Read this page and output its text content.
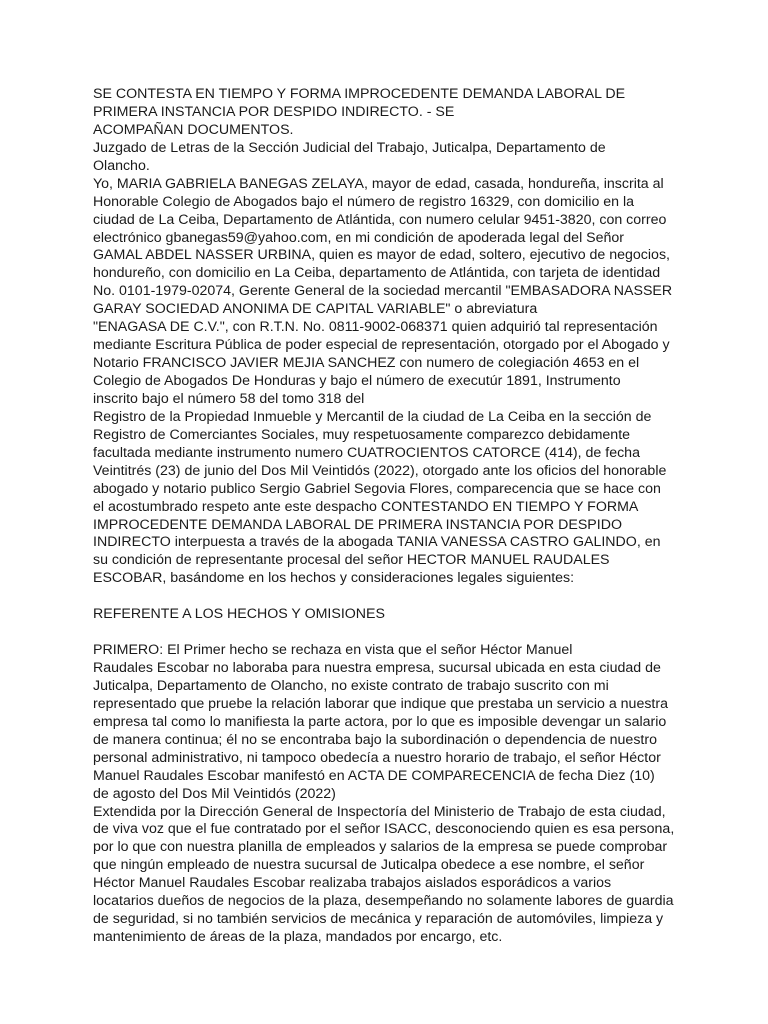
SE CONTESTA EN TIEMPO Y FORMA IMPROCEDENTE DEMANDA LABORAL DE
PRIMERA INSTANCIA POR DESPIDO INDIRECTO. - SE
ACOMPAÑAN DOCUMENTOS.
Juzgado de Letras de la Sección Judicial del Trabajo, Juticalpa, Departamento de
Olancho.
Yo, MARIA GABRIELA BANEGAS ZELAYA, mayor de edad, casada, hondureña, inscrita al
Honorable Colegio de Abogados bajo el número de registro 16329, con domicilio en la
ciudad de La Ceiba, Departamento de Atlántida, con numero celular 9451-3820, con correo
electrónico gbanegas59@yahoo.com, en mi condición de apoderada legal del Señor
GAMAL ABDEL NASSER URBINA, quien es mayor de edad, soltero, ejecutivo de negocios,
hondureño, con domicilio en La Ceiba, departamento de Atlántida, con tarjeta de identidad
No. 0101-1979-02074, Gerente General de la sociedad mercantil "EMBASADORA NASSER
GARAY SOCIEDAD ANONIMA DE CAPITAL VARIABLE" o abreviatura
"ENAGASA DE C.V.", con R.T.N. No. 0811-9002-068371 quien adquirió tal representación
mediante Escritura Pública de poder especial de representación, otorgado por el Abogado y
Notario FRANCISCO JAVIER MEJIA SANCHEZ con numero de colegiación 4653 en el
Colegio de Abogados De Honduras y bajo el número de executúr 1891, Instrumento
inscrito bajo el número 58 del tomo 318 del
Registro de la Propiedad Inmueble y Mercantil de la ciudad de La Ceiba en la sección de
Registro de Comerciantes Sociales, muy respetuosamente comparezco debidamente
facultada mediante instrumento numero CUATROCIENTOS CATORCE (414), de fecha
Veintitrés (23) de junio del Dos Mil Veintidós (2022), otorgado ante los oficios del honorable
abogado y notario publico Sergio Gabriel Segovia Flores, comparecencia que se hace con
el acostumbrado respeto ante este despacho CONTESTANDO EN TIEMPO Y FORMA
IMPROCEDENTE DEMANDA LABORAL DE PRIMERA INSTANCIA POR DESPIDO
INDIRECTO interpuesta a través de la abogada TANIA VANESSA CASTRO GALINDO, en
su condición de representante procesal del señor HECTOR MANUEL RAUDALES
ESCOBAR, basándome en los hechos y consideraciones legales siguientes:
REFERENTE A LOS HECHOS Y OMISIONES
PRIMERO: El Primer hecho se rechaza en vista que el señor Héctor Manuel
Raudales Escobar no laboraba para nuestra empresa, sucursal ubicada en esta ciudad de
Juticalpa, Departamento de Olancho, no existe contrato de trabajo suscrito con mi
representado que pruebe la relación laborar que indique que prestaba un servicio a nuestra
empresa tal como lo manifiesta la parte actora, por lo que es imposible devengar un salario
de manera continua; él no se encontraba bajo la subordinación o dependencia de nuestro
personal administrativo, ni tampoco obedecía a nuestro horario de trabajo, el señor Héctor
Manuel Raudales Escobar manifestó en ACTA DE COMPARECENCIA de fecha Diez (10)
de agosto del Dos Mil Veintidós (2022)
Extendida por la Dirección General de Inspectoría del Ministerio de Trabajo de esta ciudad,
de viva voz que el fue contratado por el señor ISACC, desconociendo quien es esa persona,
por lo que con nuestra planilla de empleados y salarios de la empresa se puede comprobar
que ningún empleado de nuestra sucursal de Juticalpa obedece a ese nombre, el señor
Héctor Manuel Raudales Escobar realizaba trabajos aislados esporádicos a varios
locatarios dueños de negocios de la plaza, desempeñando no solamente labores de guardia
de seguridad, si no también servicios de mecánica y reparación de automóviles, limpieza y
mantenimiento de áreas de la plaza, mandados por encargo, etc.
